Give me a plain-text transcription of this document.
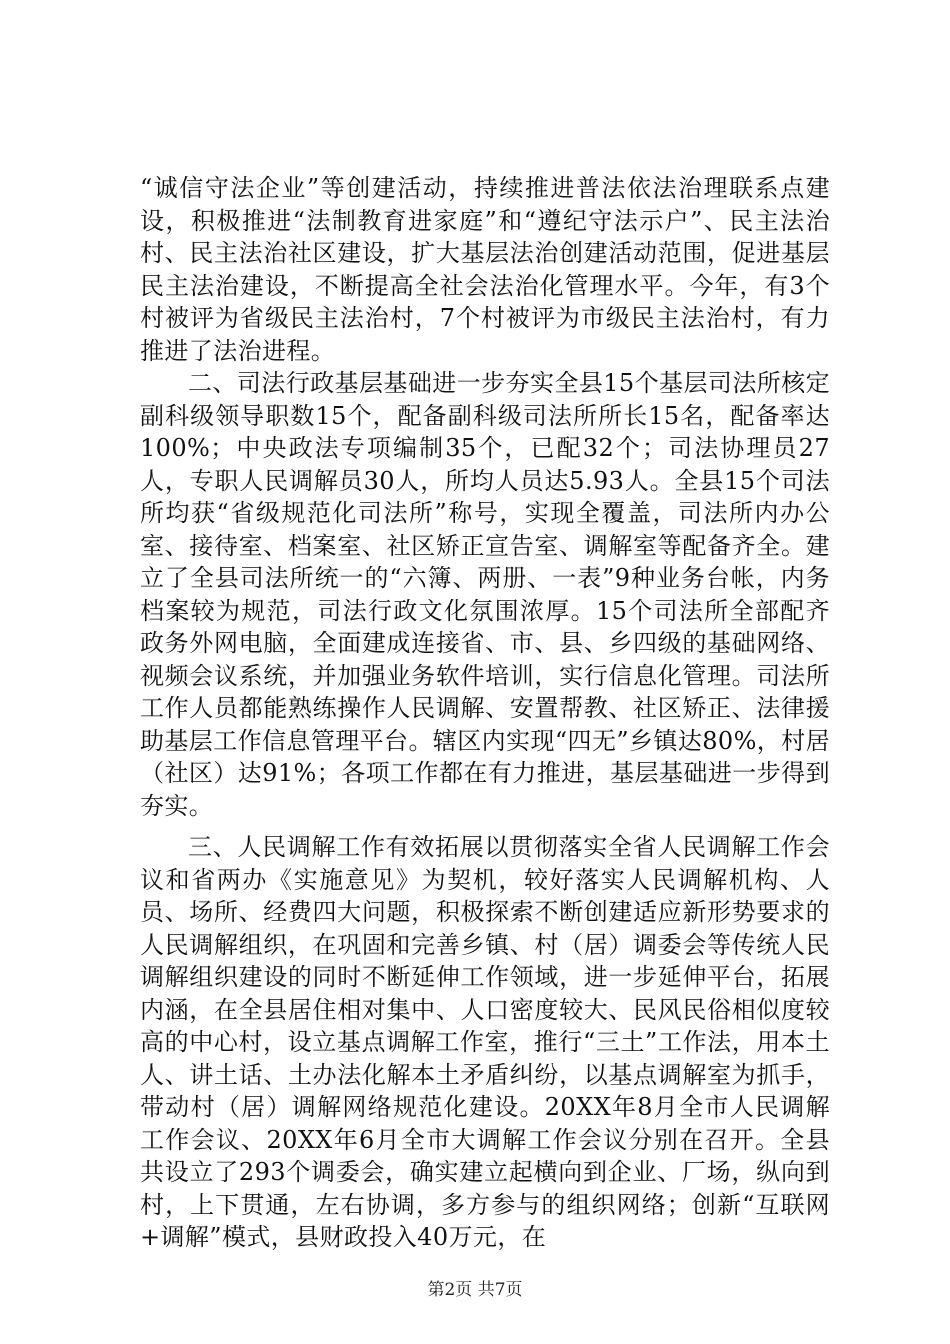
“诚信守法企业”等创建活动，持续推进普法依法治理联系点建设，积极推进“法制教育进家庭”和“遵纪守法示户”、民主法治村、民主法治社区建设，扩大基层法治创建活动范围，促进基层民主法治建设，不断提高全社会法治化管理水平。今年，有3个村被评为省级民主法治村，7个村被评为市级民主法治村，有力推进了法治进程。

二、司法行政基层基础进一步夯实全县15个基层司法所核定副科级领导职数15个，配备副科级司法所所长15名，配备率达100%；中央政法专项编制35个，已配32个；司法协理员27人，专职人民调解员30人，所均人员达5.93人。全县15个司法所均获“省级规范化司法所”称号，实现全覆盖，司法所内办公室、接待室、档案室、社区矫正宣告室、调解室等配备齐全。建立了全县司法所统一的“六簿、两册、一表”9种业务台帐，内务档案较为规范，司法行政文化氛围浓厚。15个司法所全部配齐政务外网电脑，全面建成连接省、市、县、乡四级的基础网络、视频会议系统，并加强业务软件培训，实行信息化管理。司法所工作人员都能熟练操作人民调解、安置帮教、社区矫正、法律援助基层工作信息管理平台。辖区内实现“四无”乡镇达80%，村居（社区）达91%；各项工作都在有力推进，基层基础进一步得到夯实。

三、人民调解工作有效拓展以贯彻落实全省人民调解工作会议和省两办《实施意见》为契机，较好落实人民调解机构、人员、场所、经费四大问题，积极探索不断创建适应新形势要求的人民调解组织，在巩固和完善乡镇、村（居）调委会等传统人民调解组织建设的同时不断延伸工作领域，进一步延伸平台，拓展内涵，在全县居住相对集中、人口密度较大、民风民俗相似度较高的中心村，设立基点调解工作室，推行“三土”工作法，用本土人、讲土话、土办法化解本土矛盾纠纷，以基点调解室为抓手，带动村（居）调解网络规范化建设。20XX年8月全市人民调解工作会议、20XX年6月全市大调解工作会议分别在召开。全县共设立了293个调委会，确实建立起横向到企业、厂场，纵向到村，上下贯通，左右协调，多方参与的组织网络；创新“互联网+调解”模式，县财政投入40万元，在

第2页 共7页
